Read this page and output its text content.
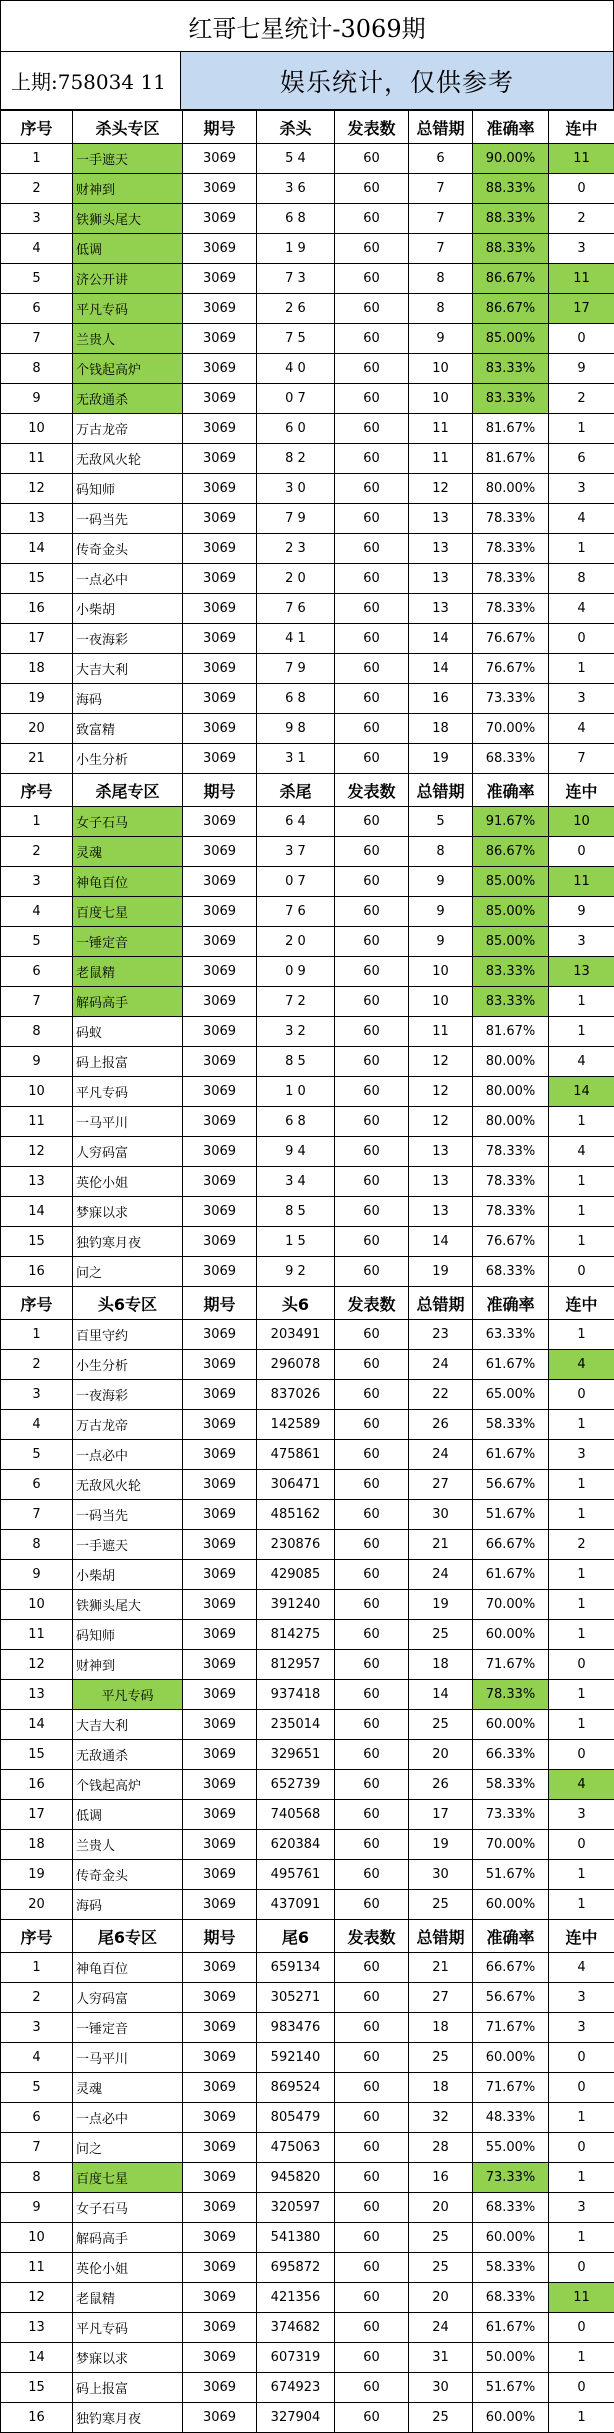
红哥七星统计-3069期
上期:758034 11	娱乐统计，仅供参考
序号	杀头专区	期号	杀头	发表数	总错期	准确率	连中
1	一手遮天	3069	5 4	60	6	90.00%	11
2	财神到	3069	3 6	60	7	88.33%	0
3	铁狮头尾大	3069	6 8	60	7	88.33%	2
4	低调	3069	1 9	60	7	88.33%	3
5	济公开讲	3069	7 3	60	8	86.67%	11
6	平凡专码	3069	2 6	60	8	86.67%	17
7	兰贵人	3069	7 5	60	9	85.00%	0
8	个钱起高炉	3069	4 0	60	10	83.33%	9
9	无敌通杀	3069	0 7	60	10	83.33%	2
10	万古龙帝	3069	6 0	60	11	81.67%	1
11	无敌风火轮	3069	8 2	60	11	81.67%	6
12	码知师	3069	3 0	60	12	80.00%	3
13	一码当先	3069	7 9	60	13	78.33%	4
14	传奇金头	3069	2 3	60	13	78.33%	1
15	一点必中	3069	2 0	60	13	78.33%	8
16	小柴胡	3069	7 6	60	13	78.33%	4
17	一夜海彩	3069	4 1	60	14	76.67%	0
18	大吉大利	3069	7 9	60	14	76.67%	1
19	海码	3069	6 8	60	16	73.33%	3
20	致富精	3069	9 8	60	18	70.00%	4
21	小生分析	3069	3 1	60	19	68.33%	7
序号	杀尾专区	期号	杀尾	发表数	总错期	准确率	连中
1	女子石马	3069	6 4	60	5	91.67%	10
2	灵魂	3069	3 7	60	8	86.67%	0
3	神龟百位	3069	0 7	60	9	85.00%	11
4	百度七星	3069	7 6	60	9	85.00%	9
5	一锤定音	3069	2 0	60	9	85.00%	3
6	老鼠精	3069	0 9	60	10	83.33%	13
7	解码高手	3069	7 2	60	10	83.33%	1
8	码蚁	3069	3 2	60	11	81.67%	1
9	码上报富	3069	8 5	60	12	80.00%	4
10	平凡专码	3069	1 0	60	12	80.00%	14
11	一马平川	3069	6 8	60	12	80.00%	1
12	人穷码富	3069	9 4	60	13	78.33%	4
13	英伦小姐	3069	3 4	60	13	78.33%	1
14	梦寐以求	3069	8 5	60	13	78.33%	1
15	独钓寒月夜	3069	1 5	60	14	76.67%	1
16	问之	3069	9 2	60	19	68.33%	0
序号	头6专区	期号	头6	发表数	总错期	准确率	连中
1	百里守约	3069	203491	60	23	63.33%	1
2	小生分析	3069	296078	60	24	61.67%	4
3	一夜海彩	3069	837026	60	22	65.00%	0
4	万古龙帝	3069	142589	60	26	58.33%	1
5	一点必中	3069	475861	60	24	61.67%	3
6	无敌风火轮	3069	306471	60	27	56.67%	1
7	一码当先	3069	485162	60	30	51.67%	1
8	一手遮天	3069	230876	60	21	66.67%	2
9	小柴胡	3069	429085	60	24	61.67%	1
10	铁狮头尾大	3069	391240	60	19	70.00%	1
11	码知师	3069	814275	60	25	60.00%	1
12	财神到	3069	812957	60	18	71.67%	0
13	平凡专码	3069	937418	60	14	78.33%	1
14	大吉大利	3069	235014	60	25	60.00%	1
15	无敌通杀	3069	329651	60	20	66.33%	0
16	个钱起高炉	3069	652739	60	26	58.33%	4
17	低调	3069	740568	60	17	73.33%	3
18	兰贵人	3069	620384	60	19	70.00%	0
19	传奇金头	3069	495761	60	30	51.67%	1
20	海码	3069	437091	60	25	60.00%	1
序号	尾6专区	期号	尾6	发表数	总错期	准确率	连中
1	神龟百位	3069	659134	60	21	66.67%	4
2	人穷码富	3069	305271	60	27	56.67%	3
3	一锤定音	3069	983476	60	18	71.67%	3
4	一马平川	3069	592140	60	25	60.00%	0
5	灵魂	3069	869524	60	18	71.67%	0
6	一点必中	3069	805479	60	32	48.33%	1
7	问之	3069	475063	60	28	55.00%	0
8	百度七星	3069	945820	60	16	73.33%	1
9	女子石马	3069	320597	60	20	68.33%	3
10	解码高手	3069	541380	60	25	60.00%	1
11	英伦小姐	3069	695872	60	25	58.33%	0
12	老鼠精	3069	421356	60	20	68.33%	11
13	平凡专码	3069	374682	60	24	61.67%	0
14	梦寐以求	3069	607319	60	31	50.00%	1
15	码上报富	3069	674923	60	30	51.67%	0
16	独钓寒月夜	3069	327904	60	25	60.00%	1
